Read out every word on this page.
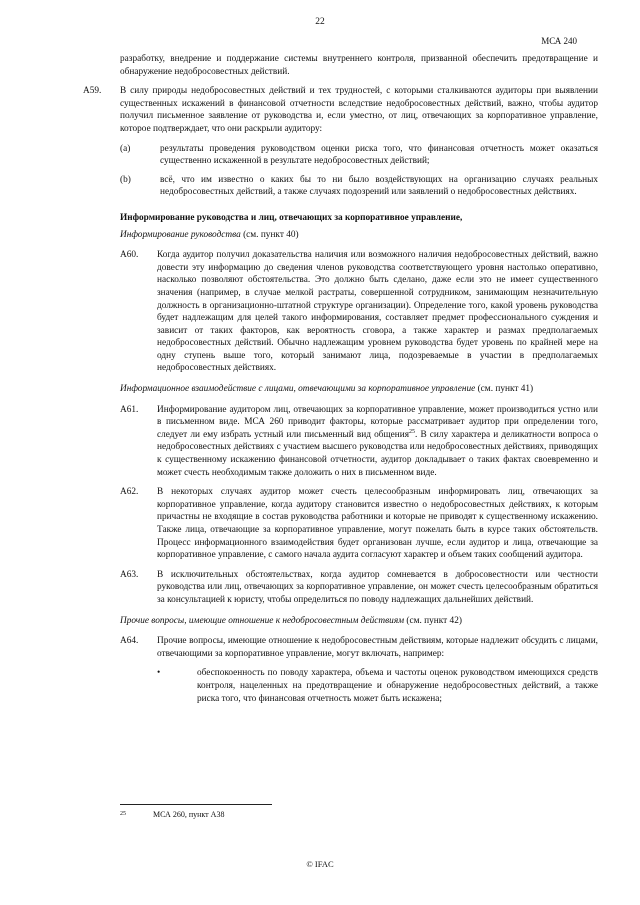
22
МСА 240

разработку, внедрение и поддержание системы внутреннего контроля, призванной обеспечить предотвращение и обнаружение недобросовестных действий.

A59.	В силу природы недобросовестных действий и тех трудностей, с которыми сталкиваются аудиторы при выявлении существенных искажений в финансовой отчетности вследствие недобросовестных действий, важно, чтобы аудитор получил письменное заявление от руководства и, если уместно, от лиц, отвечающих за корпоративное управление, которое подтверждает, что они раскрыли аудитору:

(a)	результаты проведения руководством оценки риска того, что финансовая отчетность может оказаться существенно искаженной в результате недобросовестных действий;
(b)	всё, что им известно о каких бы то ни было воздействующих на организацию случаях реальных недобросовестных действий, а также случаях подозрений или заявлений о недобросовестных действиях.

Информирование руководства и лиц, отвечающих за корпоративное управление,

Информирование руководства (см. пункт 40)

A60.	Когда аудитор получил доказательства наличия или возможного наличия недобросовестных действий, важно довести эту информацию до сведения членов руководства соответствующего уровня настолько оперативно, насколько позволяют обстоятельства. Это должно быть сделано, даже если это не имеет существенного значения (например, в случае мелкой растраты, совершенной сотрудником, занимающим незначительную должность в организационно-штатной структуре организации). Определение того, какой уровень руководства будет надлежащим для целей такого информирования, составляет предмет профессионального суждения и зависит от таких факторов, как вероятность сговора, а также характер и размах предполагаемых недобросовестных действий. Обычно надлежащим уровнем руководства будет уровень по крайней мере на одну ступень выше того, который занимают лица, подозреваемые в участии в предполагаемых недобросовестных действиях.

Информационное взаимодействие с лицами, отвечающими за корпоративное управление (см. пункт 41)

A61.	Информирование аудитором лиц, отвечающих за корпоративное управление, может производиться устно или в письменном виде. МСА 260 приводит факторы, которые рассматривает аудитор при определении того, следует ли ему избрать устный или письменный вид общения$^{25}$. В силу характера и деликатности вопроса о недобросовестных действиях с участием высшего руководства или недобросовестных действиях, приводящих к существенному искажению финансовой отчетности, аудитор докладывает о таких фактах своевременно и может счесть необходимым также доложить о них в письменном виде.

A62.	В некоторых случаях аудитор может счесть целесообразным информировать лиц, отвечающих за корпоративное управление, когда аудитору становится известно о недобросовестных действиях, к которым причастны не входящие в состав руководства работники и которые не приводят к существенному искажению. Также лица, отвечающие за корпоративное управление, могут пожелать быть в курсе таких обстоятельств. Процесс информационного взаимодействия будет организован лучше, если аудитор и лица, отвечающие за корпоративное управление, с самого начала аудита согласуют характер и объем таких сообщений аудитора.

A63.	В исключительных обстоятельствах, когда аудитор сомневается в добросовестности или честности руководства или лиц, отвечающих за корпоративное управление, он может счесть целесообразным обратиться за консультацией к юристу, чтобы определиться по поводу надлежащих дальнейших действий.

Прочие вопросы, имеющие отношение к недобросовестным действиям (см. пункт 42)

A64.	Прочие вопросы, имеющие отношение к недобросовестным действиям, которые надлежит обсудить с лицами, отвечающими за корпоративное управление, могут включать, например:

•	обеспокоенность по поводу характера, объема и частоты оценок руководством имеющихся средств контроля, нацеленных на предотвращение и обнаружение недобросовестных действий, а также риска того, что финансовая отчетность может быть искажена;
25	МСА 260, пункт А38
© IFAC
